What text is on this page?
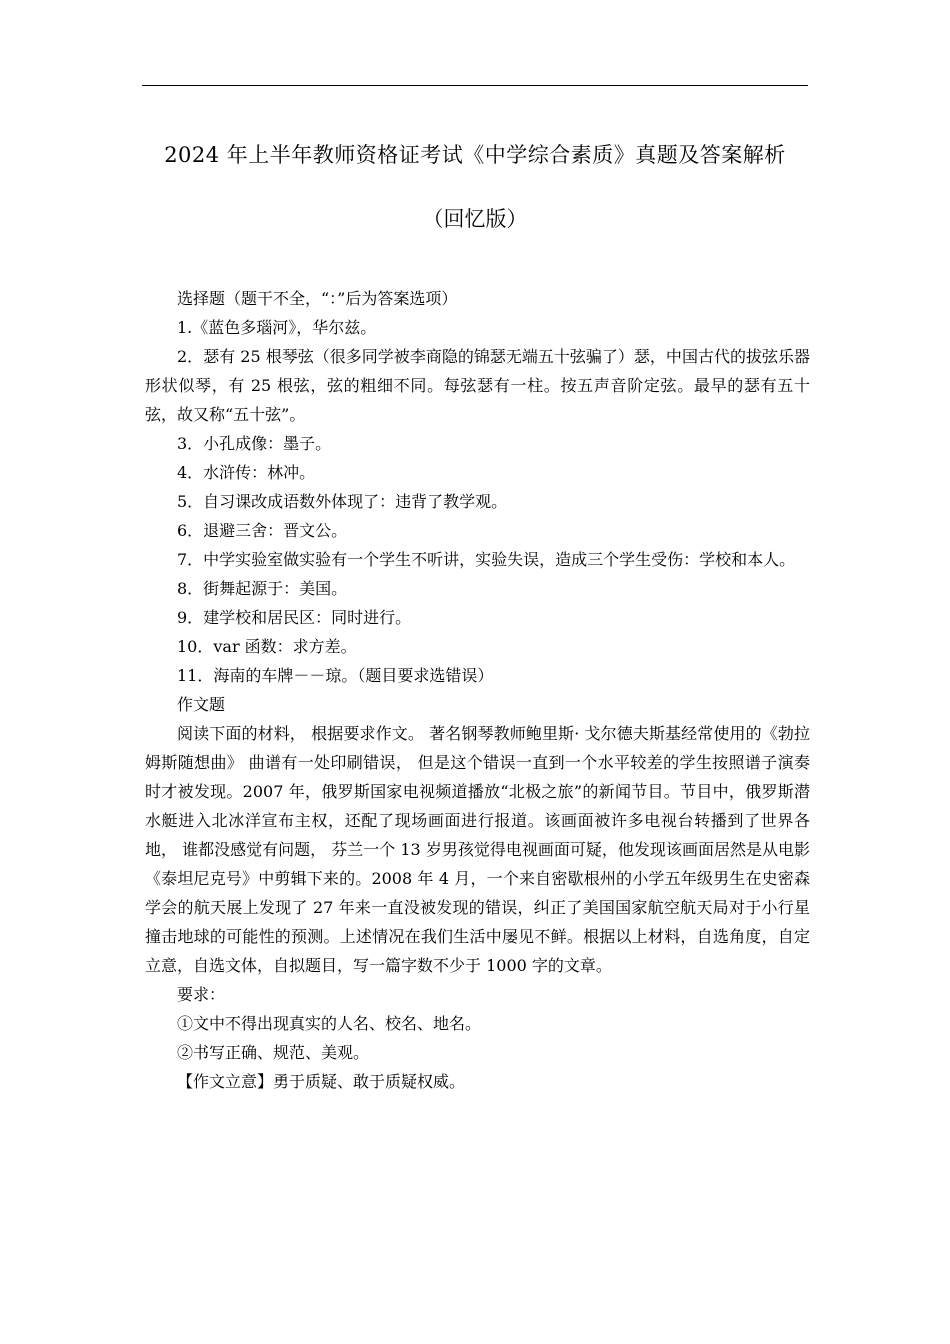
2024 年上半年教师资格证考试《中学综合素质》真题及答案解析
（回忆版）

选择题（题干不全，“：”后为答案选项）

1.《蓝色多瑙河》，华尔兹。

2．瑟有 25 根琴弦（很多同学被李商隐的锦瑟无端五十弦骗了）瑟，中国古代的拔弦乐器形状似琴，有 25 根弦，弦的粗细不同。每弦瑟有一柱。按五声音阶定弦。最早的瑟有五十弦，故又称“五十弦”。

3．小孔成像：墨子。

4．水浒传：林冲。

5．自习课改成语数外体现了：违背了教学观。

6．退避三舍：晋文公。

7．中学实验室做实验有一个学生不听讲，实验失误，造成三个学生受伤：学校和本人。

8．街舞起源于：美国。

9．建学校和居民区：同时进行。

10．var 函数：求方差。

11．海南的车牌－－琼。（题目要求选错误）

作文题

阅读下面的材料， 根据要求作文。 著名钢琴教师鲍里斯· 戈尔德夫斯基经常使用的《勃拉姆斯随想曲》 曲谱有一处印刷错误， 但是这个错误一直到一个水平较差的学生按照谱子演奏时才被发现。2007 年，俄罗斯国家电视频道播放“北极之旅”的新闻节目。节目中，俄罗斯潜水艇进入北冰洋宣布主权，还配了现场画面进行报道。该画面被许多电视台转播到了世界各地， 谁都没感觉有问题， 芬兰一个 13 岁男孩觉得电视画面可疑，他发现该画面居然是从电影《泰坦尼克号》中剪辑下来的。2008 年 4 月，一个来自密歇根州的小学五年级男生在史密森学会的航天展上发现了 27 年来一直没被发现的错误，纠正了美国国家航空航天局对于小行星撞击地球的可能性的预测。上述情况在我们生活中屡见不鲜。根据以上材料，自选角度，自定立意，自选文体，自拟题目，写一篇字数不少于 1000 字的文章。

要求：

①文中不得出现真实的人名、校名、地名。

②书写正确、规范、美观。

【作文立意】勇于质疑、敢于质疑权威。
